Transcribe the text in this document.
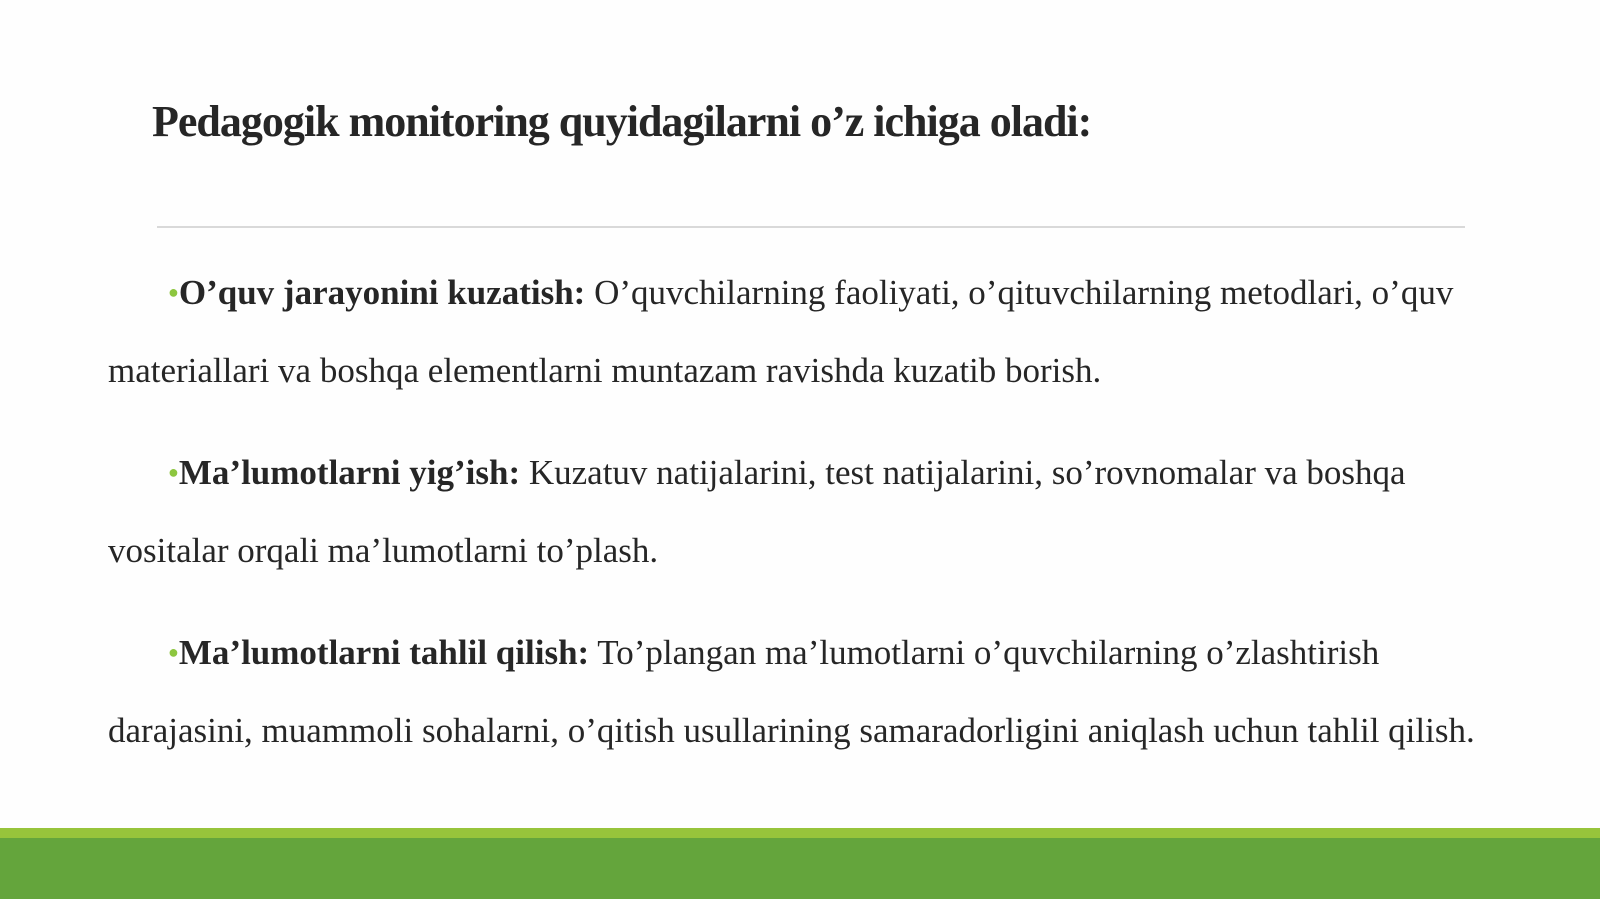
Pedagogik monitoring quyidagilarni o’z ichiga oladi:

●O’quv jarayonini kuzatish: O’quvchilarning faoliyati, o’qituvchilarning metodlari, o’quv materiallari va boshqa elementlarni muntazam ravishda kuzatib borish.

●Ma’lumotlarni yig’ish: Kuzatuv natijalarini, test natijalarini, so’rovnomalar va boshqa vositalar orqali ma’lumotlarni to’plash.

●Ma’lumotlarni tahlil qilish: To’plangan ma’lumotlarni o’quvchilarning o’zlashtirish darajasini, muammoli sohalarni, o’qitish usullarining samaradorligini aniqlash uchun tahlil qilish.
